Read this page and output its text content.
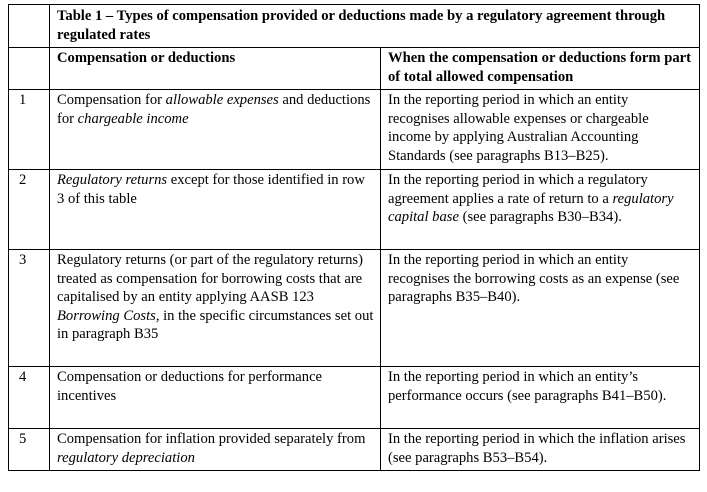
	Table 1 – Types of compensation provided or deductions made by a regulatory agreement through regulated rates	
	Compensation or deductions	When the compensation or deductions form part of total allowed compensation
1	Compensation for allowable expenses and deductions for chargeable income	In the reporting period in which an entity recognises allowable expenses or chargeable income by applying Australian Accounting Standards (see paragraphs B13–B25).
2	Regulatory returns except for those identified in row 3 of this table	In the reporting period in which a regulatory agreement applies a rate of return to a regulatory capital base (see paragraphs B30–B34).
3	Regulatory returns (or part of the regulatory returns) treated as compensation for borrowing costs that are capitalised by an entity applying AASB 123 Borrowing Costs, in the specific circumstances set out in paragraph B35	In the reporting period in which an entity recognises the borrowing costs as an expense (see paragraphs B35–B40).
4	Compensation or deductions for performance incentives	In the reporting period in which an entity’s performance occurs (see paragraphs B41–B50).
5	Compensation for inflation provided separately from regulatory depreciation	In the reporting period in which the inflation arises (see paragraphs B53–B54).
